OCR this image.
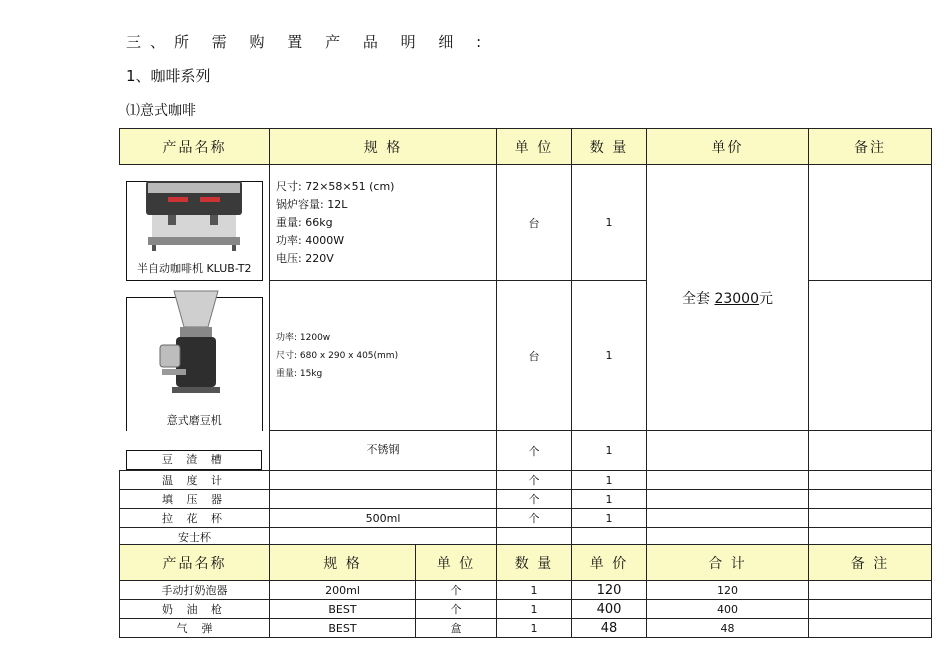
三、所 需 购 置 产 品 明 细 :
1、咖啡系列
⑴意式咖啡
产品名称	规 格	单 位	数 量	单价	备注

半自动咖啡机 KLUB-T2	尺寸: 72×58×51 (cm)
锅炉容量: 12L
重量: 66kg
功率: 4000W
电压: 220V	台	1	全套 23000元	

意式磨豆机	功率: 1200w
尺寸: 680 x 290 x 405(mm)
重量: 15kg	台	1		
豆 渣 槽	不锈钢	个	1		
温 度 计		个	1		
填 压 器		个	1		
拉 花 杯	500ml	个	1		
安士杯					
产品名称	规 格	单 位	数 量	单 价	合 计	备 注
手动打奶泡器	200ml	个	1	120	120	
奶 油 枪	BEST	个	1	400	400	
气    弹	BEST	盒	1	48	48	
